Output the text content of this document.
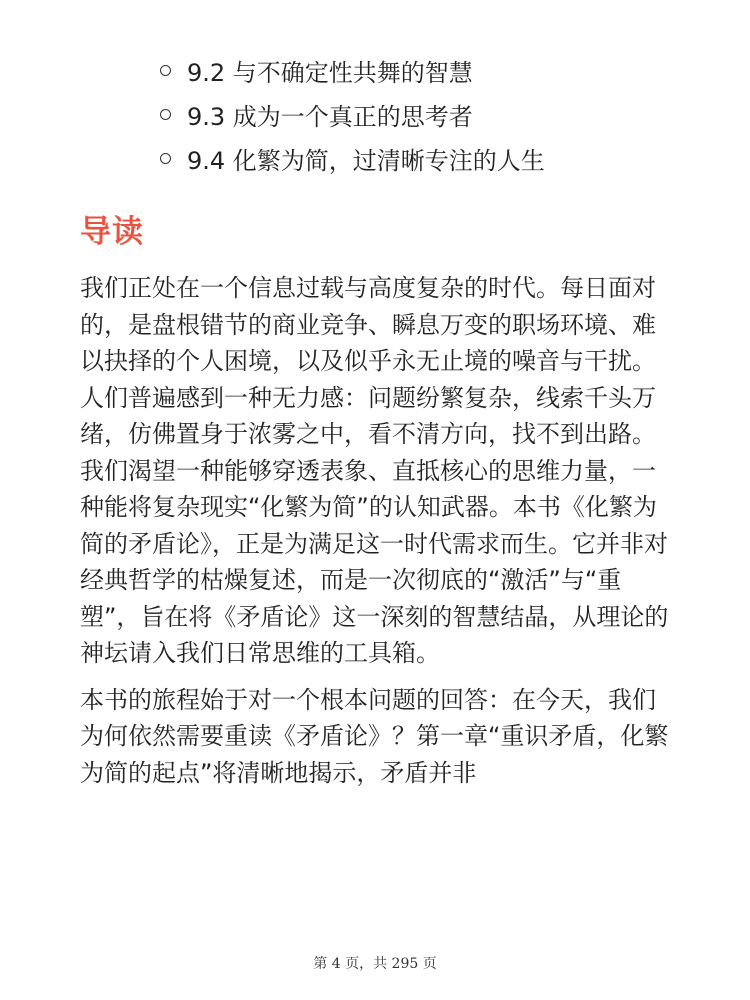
9.2 与不确定性共舞的智慧
9.3 成为一个真正的思考者
9.4 化繁为简，过清晰专注的人生
导读

我们正处在一个信息过载与高度复杂的时代。每日面对的，是盘根错节的商业竞争、瞬息万变的职场环境、难以抉择的个人困境，以及似乎永无止境的噪音与干扰。人们普遍感到一种无力感：问题纷繁复杂，线索千头万绪，仿佛置身于浓雾之中，看不清方向，找不到出路。我们渴望一种能够穿透表象、直抵核心的思维力量，一种能将复杂现实“化繁为简”的认知武器。本书《化繁为简的矛盾论》，正是为满足这一时代需求而生。它并非对经典哲学的枯燥复述，而是一次彻底的“激活”与“重塑”，旨在将《矛盾论》这一深刻的智慧结晶，从理论的神坛请入我们日常思维的工具箱。

本书的旅程始于对一个根本问题的回答：在今天，我们为何依然需要重读《矛盾论》？第一章“重识矛盾，化繁为简的起点”将清晰地揭示，矛盾并非

第 4 页，共 295 页
